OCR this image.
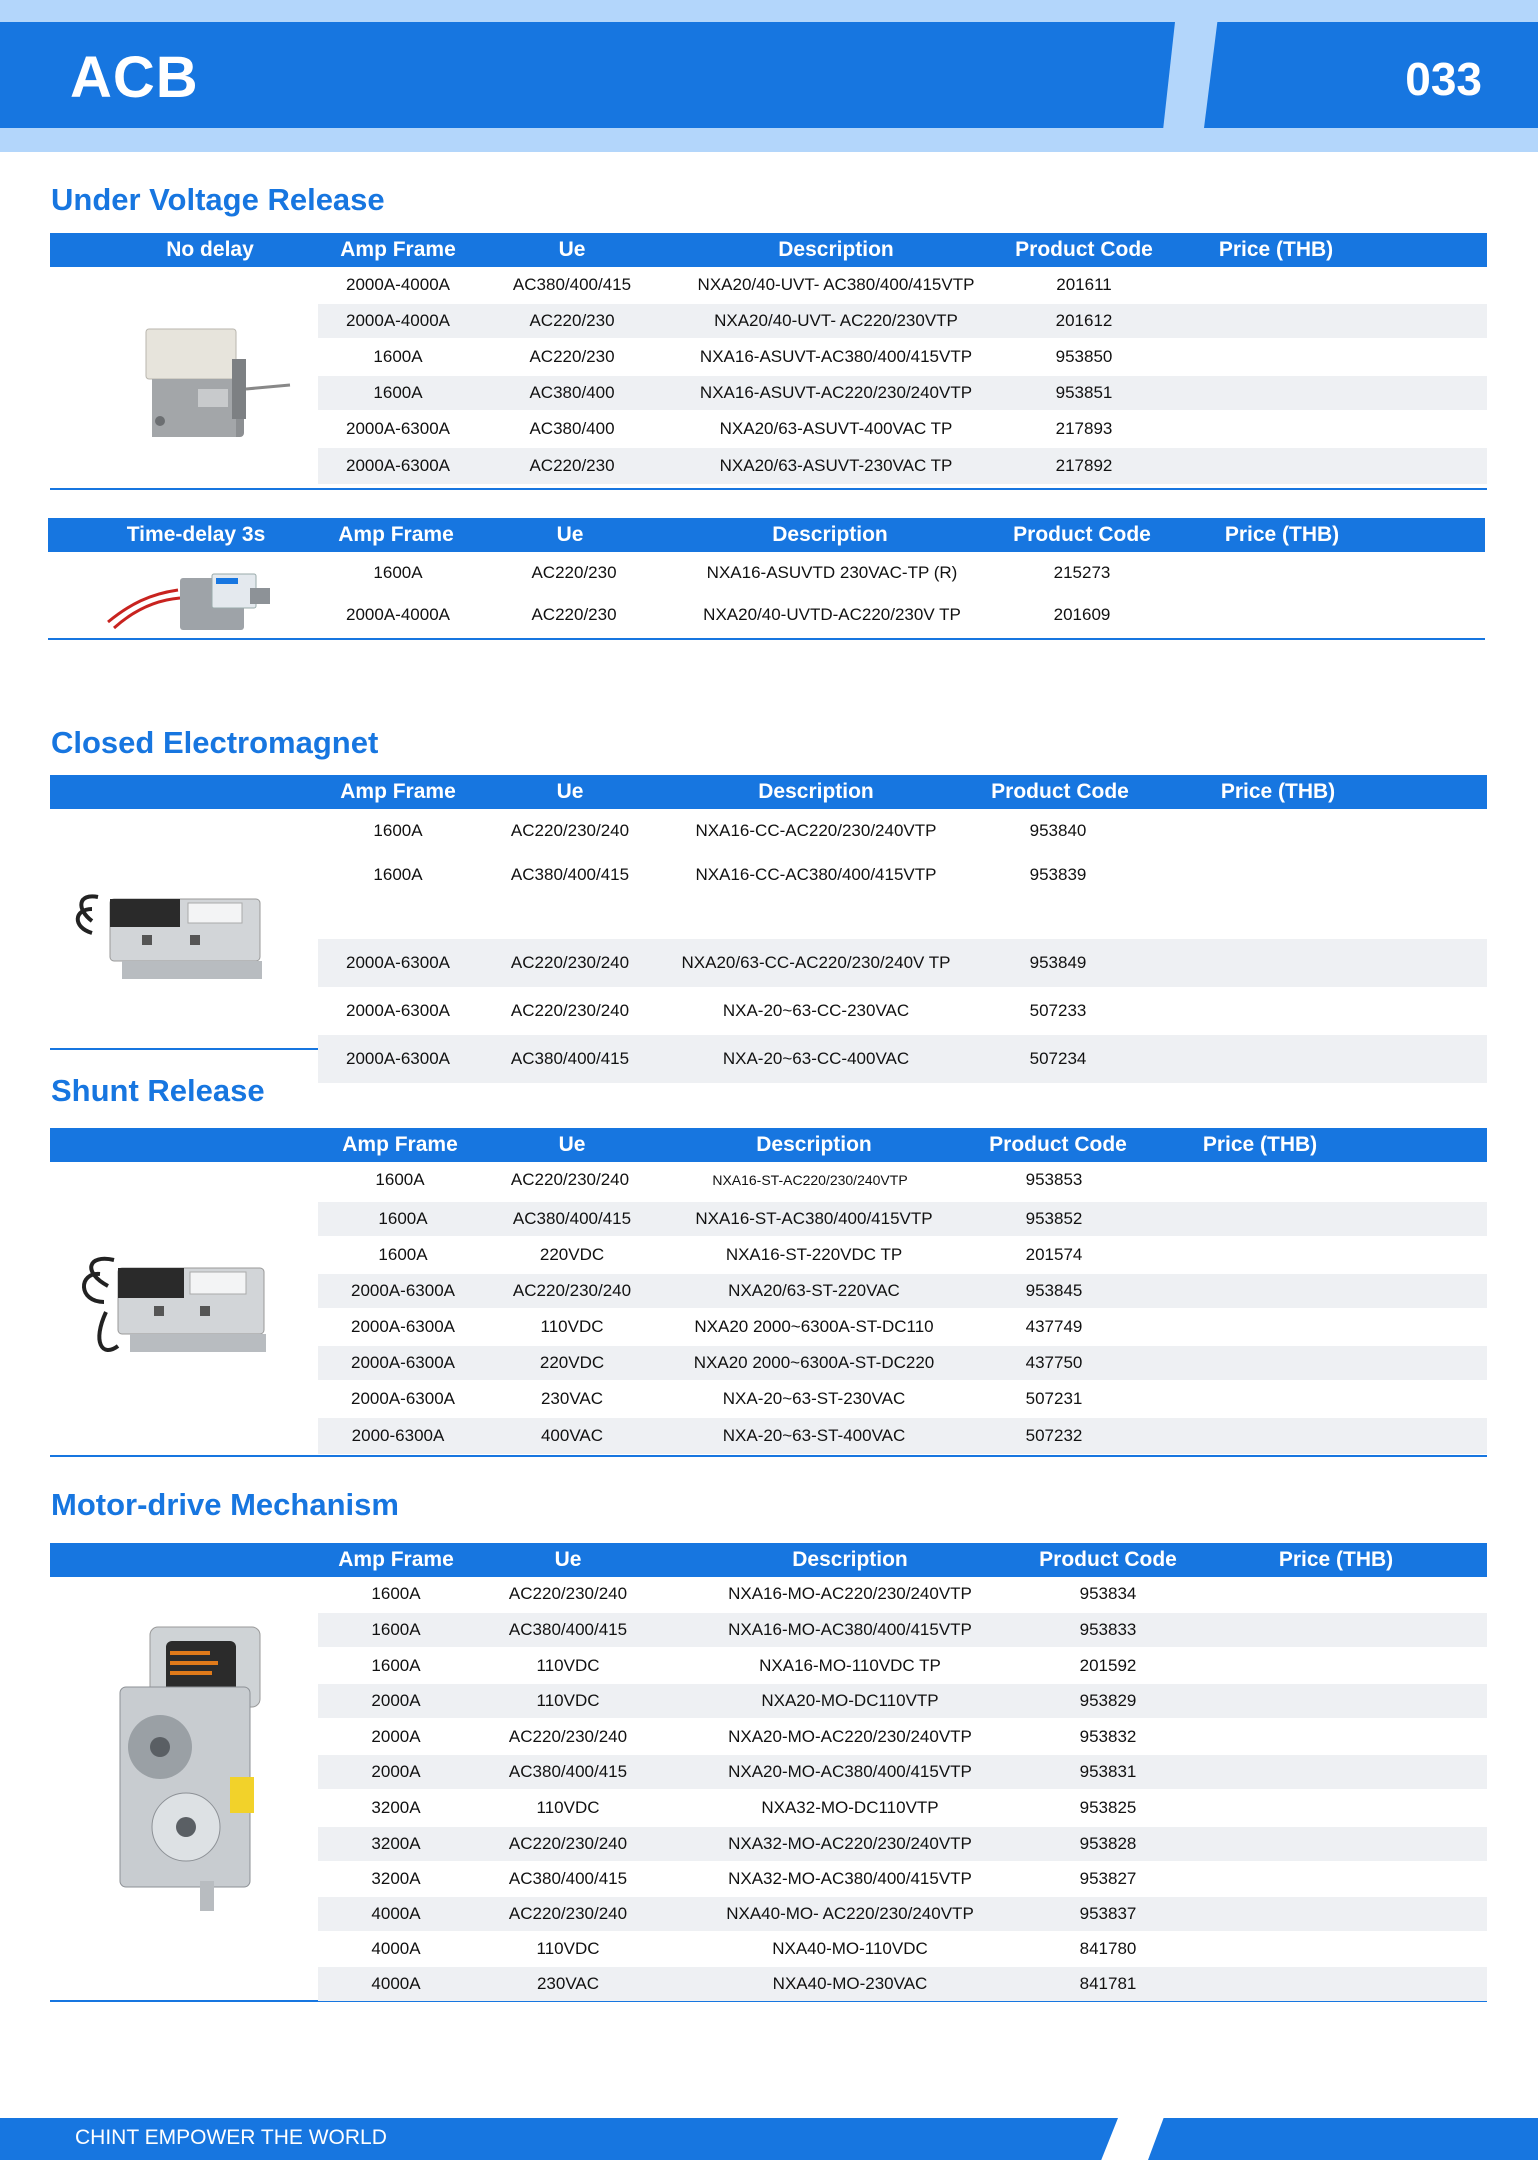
ACB	033
Under Voltage Release
No delay	Amp Frame	Ue	Description	Product Code	Price (THB)
2000A-4000A	AC380/400/415	NXA20/40-UVT- AC380/400/415VTP	201611
2000A-4000A	AC220/230	NXA20/40-UVT- AC220/230VTP	201612
1600A	AC220/230	NXA16-ASUVT-AC380/400/415VTP	953850
1600A	AC380/400	NXA16-ASUVT-AC220/230/240VTP	953851
2000A-6300A	AC380/400	NXA20/63-ASUVT-400VAC TP	217893
2000A-6300A	AC220/230	NXA20/63-ASUVT-230VAC TP	217892
Time-delay 3s	Amp Frame	Ue	Description	Product Code	Price (THB)
1600A	AC220/230	NXA16-ASUVTD 230VAC-TP (R)	215273
2000A-4000A	AC220/230	NXA20/40-UVTD-AC220/230V TP	201609
Closed Electromagnet
Amp Frame	Ue	Description	Product Code	Price (THB)
1600A	AC220/230/240	NXA16-CC-AC220/230/240VTP	953840
1600A	AC380/400/415	NXA16-CC-AC380/400/415VTP	953839
2000A-6300A	AC220/230/240	NXA20/63-CC-AC220/230/240V TP	953849
2000A-6300A	AC220/230/240	NXA-20~63-CC-230VAC	507233
2000A-6300A	AC380/400/415	NXA-20~63-CC-400VAC	507234
Shunt Release
Amp Frame	Ue	Description	Product Code	Price (THB)
1600A	AC220/230/240	NXA16-ST-AC220/230/240VTP	953853
1600A	AC380/400/415	NXA16-ST-AC380/400/415VTP	953852
1600A	220VDC	NXA16-ST-220VDC TP	201574
2000A-6300A	AC220/230/240	NXA20/63-ST-220VAC	953845
2000A-6300A	110VDC	NXA20 2000~6300A-ST-DC110	437749
2000A-6300A	220VDC	NXA20 2000~6300A-ST-DC220	437750
2000A-6300A	230VAC	NXA-20~63-ST-230VAC	507231
2000-6300A	400VAC	NXA-20~63-ST-400VAC	507232
Motor-drive Mechanism
Amp Frame	Ue	Description	Product Code	Price (THB)
1600A	AC220/230/240	NXA16-MO-AC220/230/240VTP	953834
1600A	AC380/400/415	NXA16-MO-AC380/400/415VTP	953833
1600A	110VDC	NXA16-MO-110VDC TP	201592
2000A	110VDC	NXA20-MO-DC110VTP	953829
2000A	AC220/230/240	NXA20-MO-AC220/230/240VTP	953832
2000A	AC380/400/415	NXA20-MO-AC380/400/415VTP	953831
3200A	110VDC	NXA32-MO-DC110VTP	953825
3200A	AC220/230/240	NXA32-MO-AC220/230/240VTP	953828
3200A	AC380/400/415	NXA32-MO-AC380/400/415VTP	953827
4000A	AC220/230/240	NXA40-MO- AC220/230/240VTP	953837
4000A	110VDC	NXA40-MO-110VDC	841780
4000A	230VAC	NXA40-MO-230VAC	841781
CHINT EMPOWER THE WORLD
